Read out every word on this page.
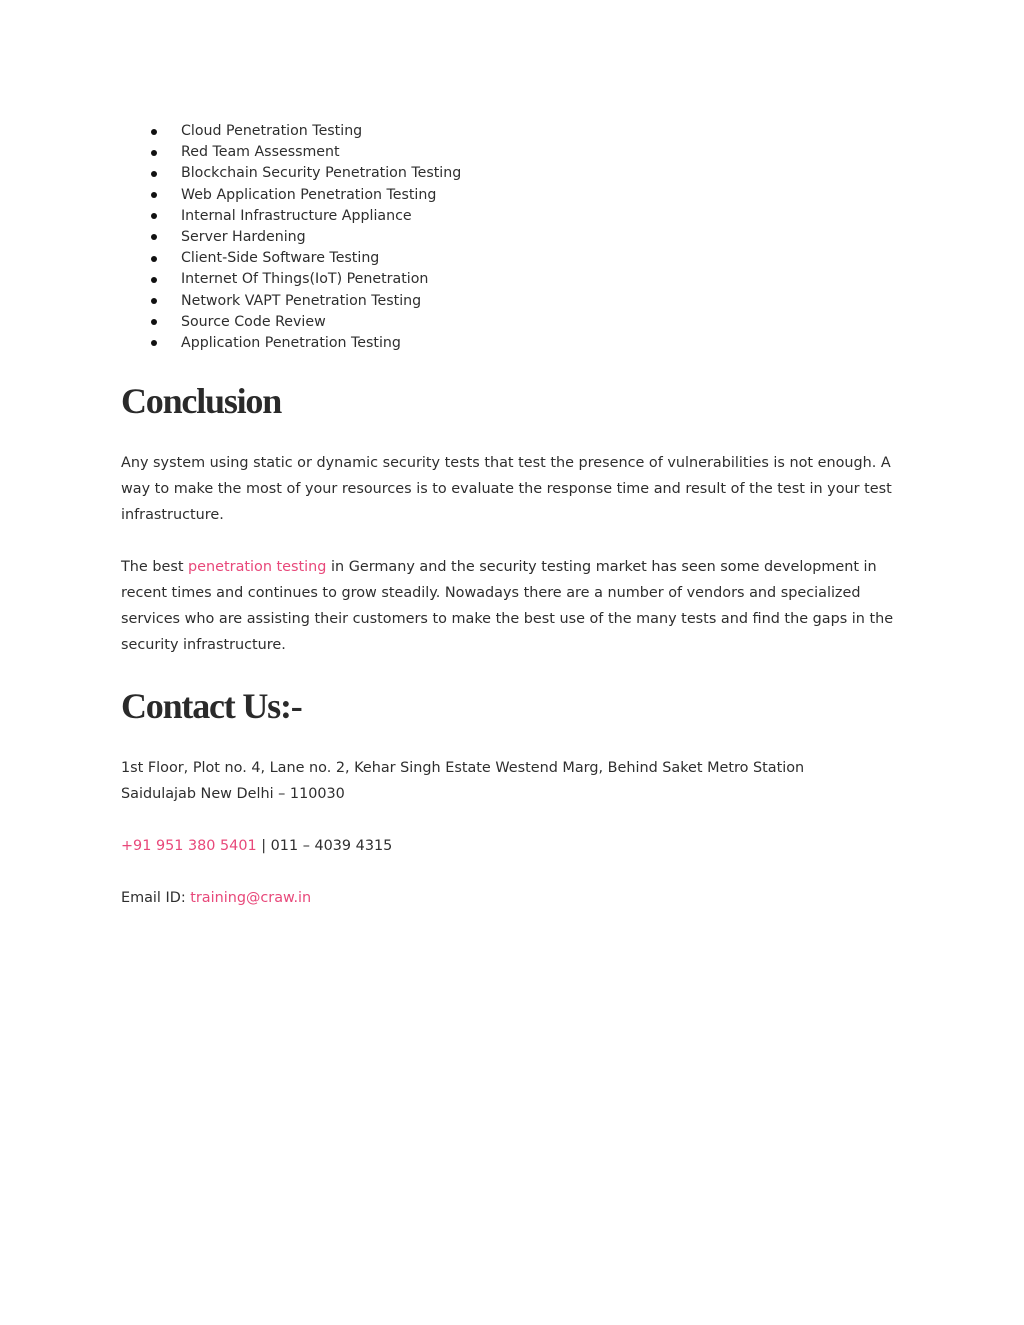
Cloud Penetration Testing
Red Team Assessment
Blockchain Security Penetration Testing
Web Application Penetration Testing
Internal Infrastructure Appliance
Server Hardening
Client-Side Software Testing
Internet Of Things(IoT) Penetration
Network VAPT Penetration Testing
Source Code Review
Application Penetration Testing
Conclusion

Any system using static or dynamic security tests that test the presence of vulnerabilities is not enough. A way to make the most of your resources is to evaluate the response time and result of the test in your test infrastructure.

The best penetration testing in Germany and the security testing market has seen some development in recent times and continues to grow steadily. Nowadays there are a number of vendors and specialized services who are assisting their customers to make the best use of the many tests and find the gaps in the security infrastructure.

Contact Us:-

1st Floor, Plot no. 4, Lane no. 2, Kehar Singh Estate Westend Marg, Behind Saket Metro Station
Saidulajab New Delhi – 110030

+91 951 380 5401 | 011 – 4039 4315

Email ID: training@craw.in
